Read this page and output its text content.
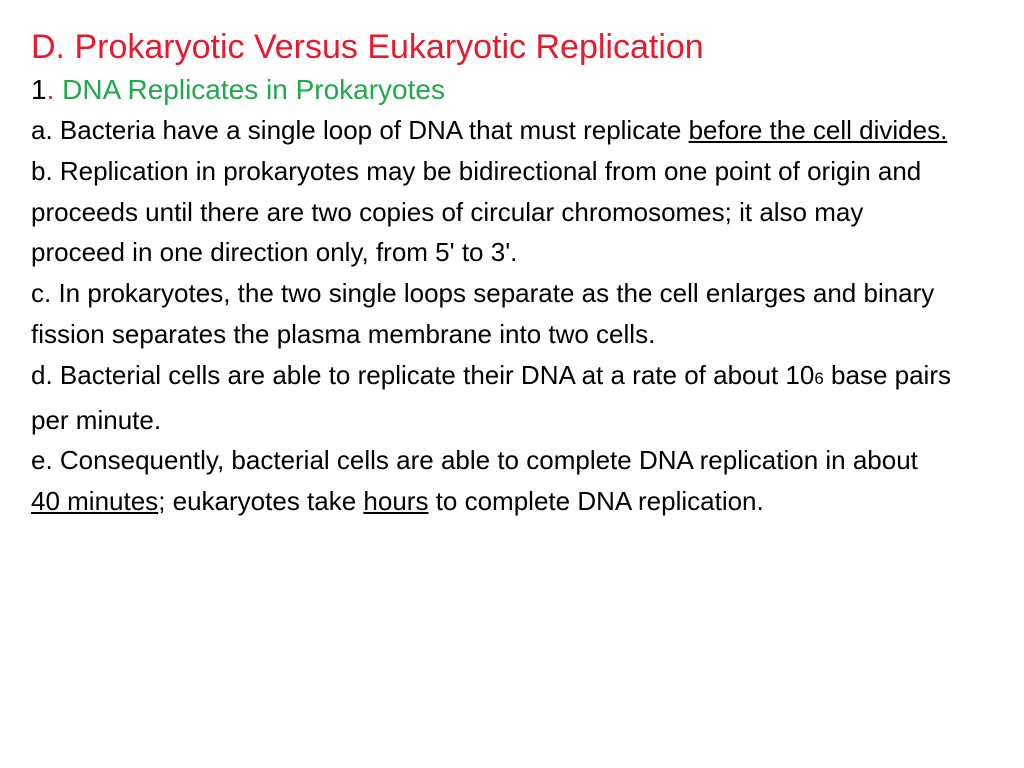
D. Prokaryotic Versus Eukaryotic Replication

1. DNA Replicates in Prokaryotes

a. Bacteria have a single loop of DNA that must replicate before the cell divides.

b. Replication in prokaryotes may be bidirectional from one point of origin and proceeds until there are two copies of circular chromosomes; it also may proceed in one direction only, from 5' to 3'.

c. In prokaryotes, the two single loops separate as the cell enlarges and binary fission separates the plasma membrane into two cells.

d. Bacterial cells are able to replicate their DNA at a rate of about 106 base pairs per minute.

e. Consequently, bacterial cells are able to complete DNA replication in about 40 minutes; eukaryotes take hours to complete DNA replication.
